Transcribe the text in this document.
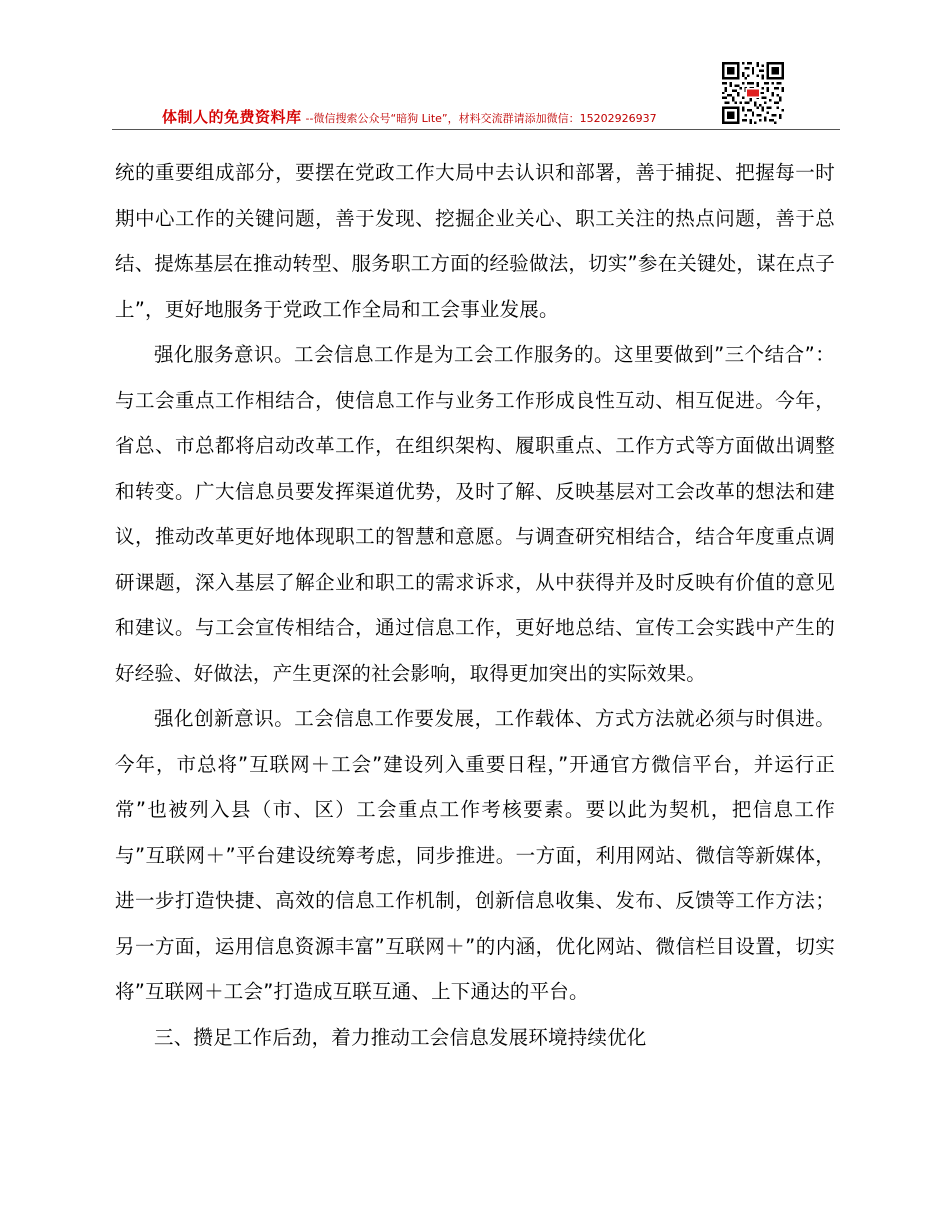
体制人的免费资料库 --微信搜索公众号“暗狗 Lite”，材料交流群请添加微信：15202926937

统的重要组成部分，要摆在党政工作大局中去认识和部署，善于捕捉、把握每一时期中心工作的关键问题，善于发现、挖掘企业关心、职工关注的热点问题，善于总结、提炼基层在推动转型、服务职工方面的经验做法，切实”参在关键处，谋在点子上”，更好地服务于党政工作全局和工会事业发展。

强化服务意识。工会信息工作是为工会工作服务的。这里要做到”三个结合”：与工会重点工作相结合，使信息工作与业务工作形成良性互动、相互促进。今年，省总、市总都将启动改革工作，在组织架构、履职重点、工作方式等方面做出调整和转变。广大信息员要发挥渠道优势，及时了解、反映基层对工会改革的想法和建议，推动改革更好地体现职工的智慧和意愿。与调查研究相结合，结合年度重点调研课题，深入基层了解企业和职工的需求诉求，从中获得并及时反映有价值的意见和建议。与工会宣传相结合，通过信息工作，更好地总结、宣传工会实践中产生的好经验、好做法，产生更深的社会影响，取得更加突出的实际效果。

强化创新意识。工会信息工作要发展，工作载体、方式方法就必须与时俱进。今年，市总将”互联网＋工会”建设列入重要日程，”开通官方微信平台，并运行正常”也被列入县（市、区）工会重点工作考核要素。要以此为契机，把信息工作与”互联网＋”平台建设统筹考虑，同步推进。一方面，利用网站、微信等新媒体，进一步打造快捷、高效的信息工作机制，创新信息收集、发布、反馈等工作方法；另一方面，运用信息资源丰富”互联网＋”的内涵，优化网站、微信栏目设置，切实将”互联网＋工会”打造成互联互通、上下通达的平台。

三、攒足工作后劲，着力推动工会信息发展环境持续优化
